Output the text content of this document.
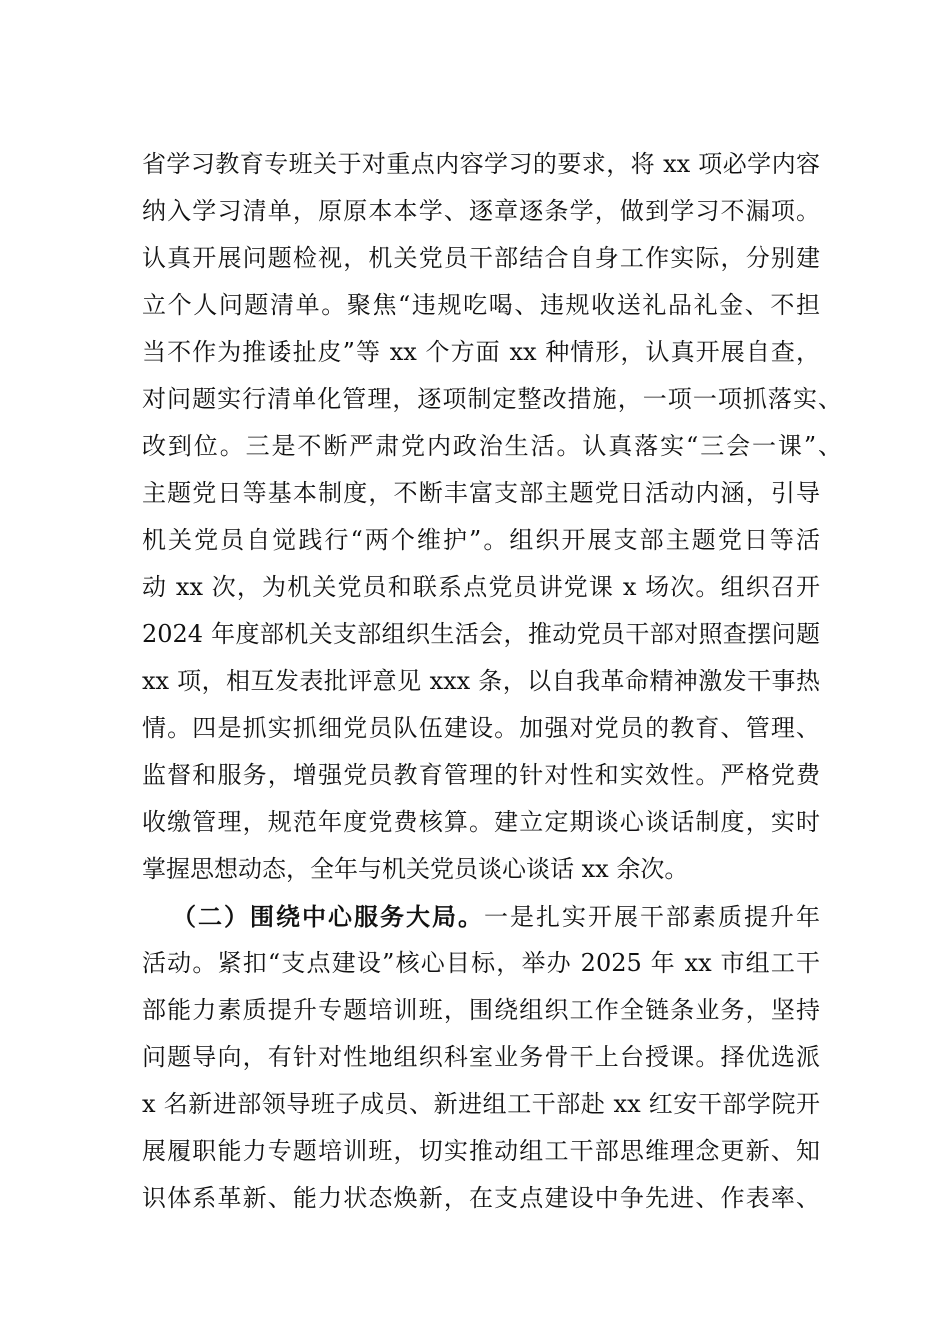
省学习教育专班关于对重点内容学习的要求，将 xx 项必学内容
纳入学习清单，原原本本学、逐章逐条学，做到学习不漏项。
认真开展问题检视，机关党员干部结合自身工作实际，分别建
立个人问题清单。聚焦“违规吃喝、违规收送礼品礼金、不担
当不作为推诿扯皮”等 xx 个方面 xx 种情形，认真开展自查，
对问题实行清单化管理，逐项制定整改措施，一项一项抓落实、
改到位。三是不断严肃党内政治生活。认真落实“三会一课”、
主题党日等基本制度，不断丰富支部主题党日活动内涵，引导
机关党员自觉践行“两个维护”。组织开展支部主题党日等活
动 xx 次，为机关党员和联系点党员讲党课 x 场次。组织召开
2024 年度部机关支部组织生活会，推动党员干部对照查摆问题
xx 项，相互发表批评意见 xxx 条，以自我革命精神激发干事热
情。四是抓实抓细党员队伍建设。加强对党员的教育、管理、
监督和服务，增强党员教育管理的针对性和实效性。严格党费
收缴管理，规范年度党费核算。建立定期谈心谈话制度，实时
掌握思想动态，全年与机关党员谈心谈话 xx 余次。
（二）围绕中心服务大局。一是扎实开展干部素质提升年
活动。紧扣“支点建设”核心目标，举办 2025 年 xx 市组工干
部能力素质提升专题培训班，围绕组织工作全链条业务，坚持
问题导向，有针对性地组织科室业务骨干上台授课。择优选派
x 名新进部领导班子成员、新进组工干部赴 xx 红安干部学院开
展履职能力专题培训班，切实推动组工干部思维理念更新、知
识体系革新、能力状态焕新，在支点建设中争先进、作表率、
